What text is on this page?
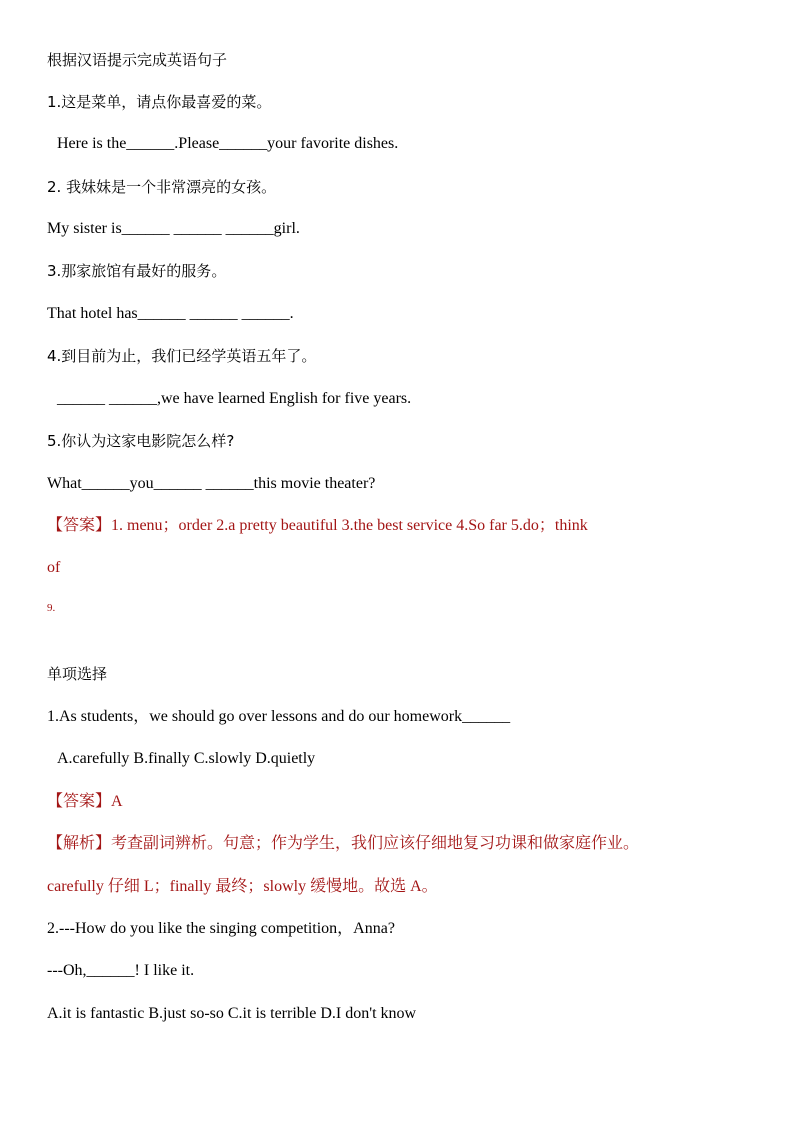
根据汉语提示完成英语句子
1.这是菜单，请点你最喜爱的菜。
Here is the______.Please______your favorite dishes.
2. 我妹妹是一个非常漂亮的女孩。
My sister is______ ______ ______girl.
3.那家旅馆有最好的服务。
That hotel has______ ______ ______.
4.到目前为止，我们已经学英语五年了。
______ ______,we have learned English for five years.
5.你认为这家电影院怎么样?
What______you______ ______this movie theater?
【答案】1. menu；order 2.a pretty beautiful 3.the best service 4.So far 5.do；think
of
9.
单项选择
1.As students，we should go over lessons and do our homework______
A.carefully B.finally C.slowly D.quietly
【答案】A
【解析】考查副词辨析。句意；作为学生，我们应该仔细地复习功课和做家庭作业。
carefully 仔细 L；finally 最终；slowly 缓慢地。故选 A。
2.---How do you like the singing competition，Anna?
---Oh,______! I like it.
A.it is fantastic B.just so-so C.it is terrible D.I don't know
